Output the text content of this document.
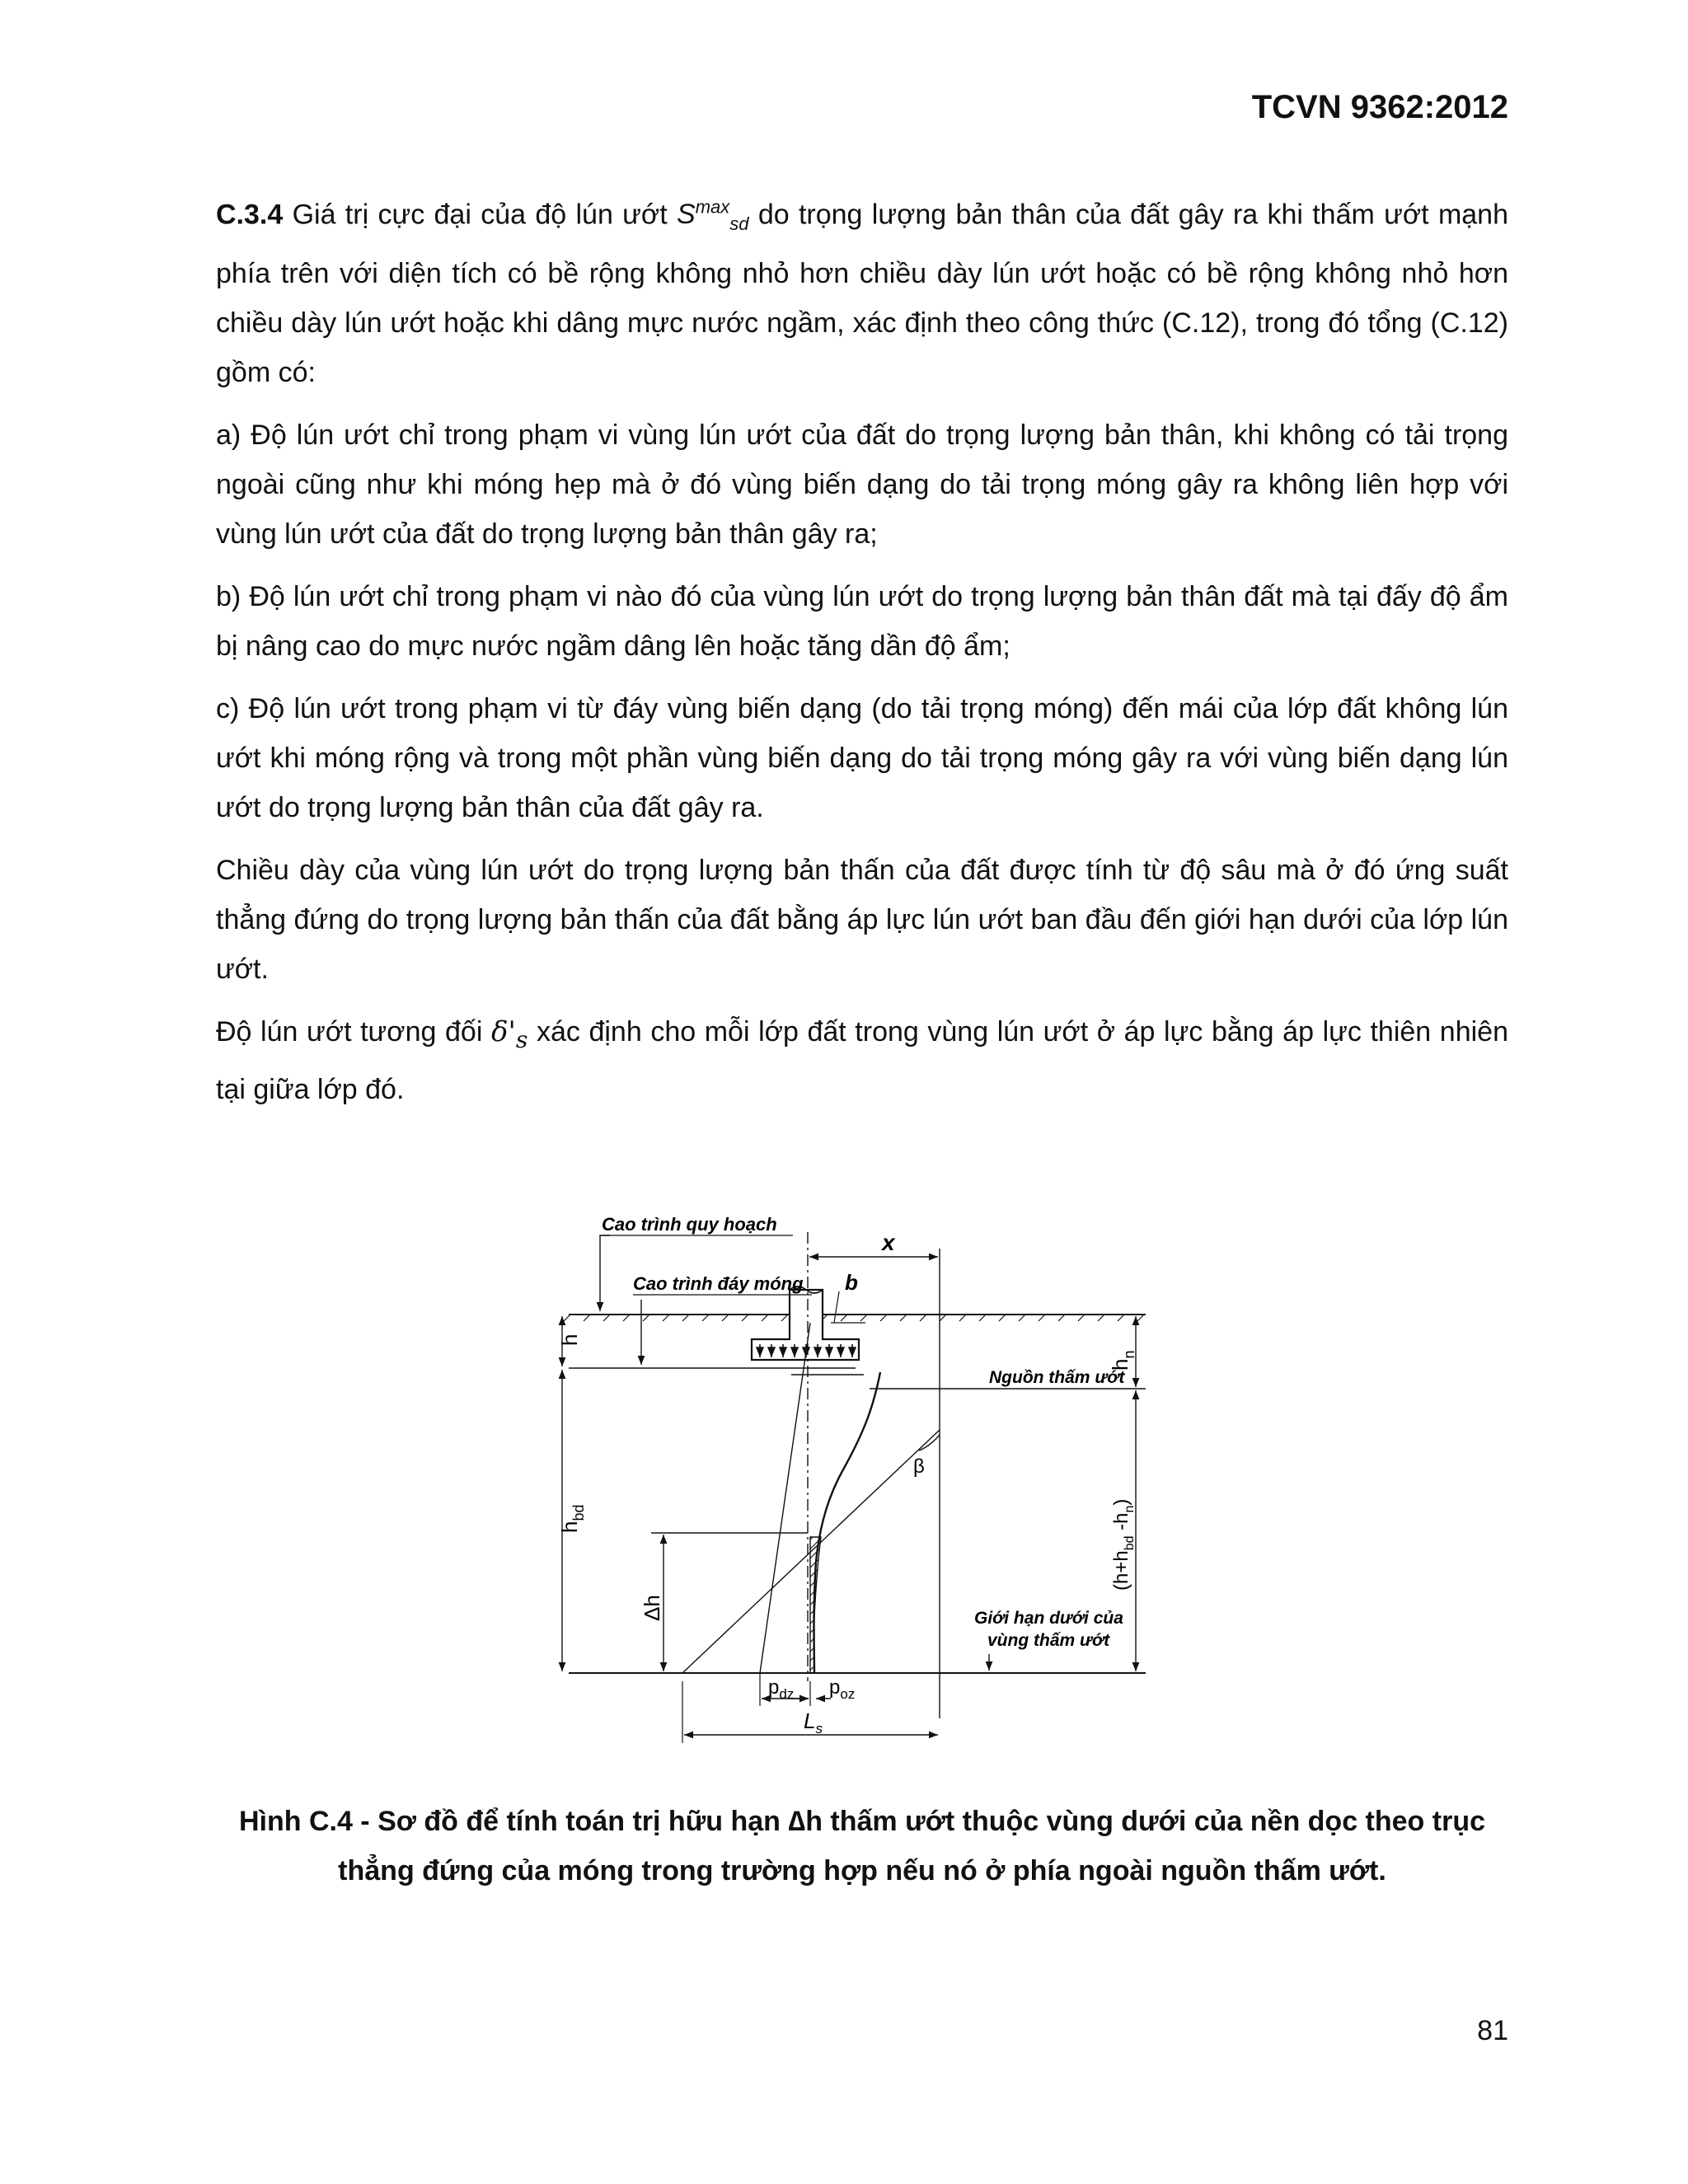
TCVN 9362:2012

C.3.4 Giá trị cực đại của độ lún ướt $S^{max}_{sd}$ do trọng lượng bản thân của đất gây ra khi thấm ướt mạnh phía trên với diện tích có bề rộng không nhỏ hơn chiều dày lún ướt hoặc có bề rộng không nhỏ hơn chiều dày lún ướt hoặc khi dâng mực nước ngầm, xác định theo công thức (C.12), trong đó tổng (C.12) gồm có:

a) Độ lún ướt chỉ trong phạm vi vùng lún ướt của đất do trọng lượng bản thân, khi không có tải trọng ngoài cũng như khi móng hẹp mà ở đó vùng biến dạng do tải trọng móng gây ra không liên hợp với vùng lún ướt của đất do trọng lượng bản thân gây ra;

b) Độ lún ướt chỉ trong phạm vi nào đó của vùng lún ướt do trọng lượng bản thân đất mà tại đấy độ ẩm bị nâng cao do mực nước ngầm dâng lên hoặc tăng dần độ ẩm;

c) Độ lún ướt trong phạm vi từ đáy vùng biến dạng (do tải trọng móng) đến mái của lớp đất không lún ướt khi móng rộng và trong một phần vùng biến dạng do tải trọng móng gây ra với vùng biến dạng lún ướt do trọng lượng bản thân của đất gây ra.

Chiều dày của vùng lún ướt do trọng lượng bản thấn của đất được tính từ độ sâu mà ở đó ứng suất thẳng đứng do trọng lượng bản thấn của đất bằng áp lực lún ướt ban đầu đến giới hạn dưới của lớp lún ướt.

Độ lún ướt tương đối $\delta'_s$ xác định cho mỗi lớp đất trong vùng lún ướt ở áp lực bằng áp lực thiên nhiên tại giữa lớp đó.

Cao trình quy hoạch
Cao trình đáy móng
x
b
h
$h_{bd}$
Δh
$h_n$
Nguồn thấm ướt
β
($h+h_{bd}$ $-h_n$)
Giới hạn dưới của
vùng thấm ướt
$p_{dz}$ $p_{oz}$
$L_s$
Hình C.4 - Sơ đồ để tính toán trị hữu hạn ∆h thấm ướt thuộc vùng dưới của nền dọc theo trục thẳng đứng của móng trong trường hợp nếu nó ở phía ngoài nguồn thấm ướt.
81
